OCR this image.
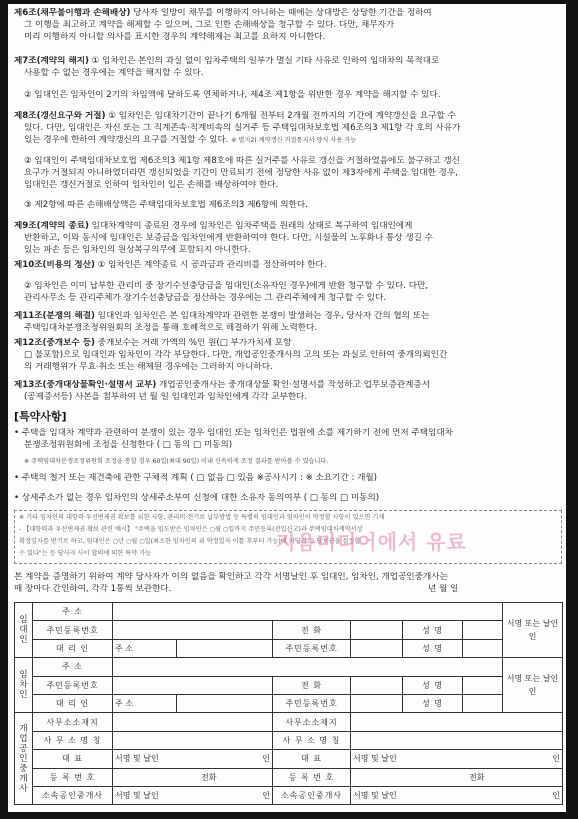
제6조(채무불이행과 손해배상) 당사자 일방이 채무를 이행하지 아니하는 때에는 상대방은 상당한 기간을 정하여
그 이행을 최고하고 계약을 해제할 수 있으며, 그로 인한 손해배상을 청구할 수 있다. 다만, 채무자가
미리 이행하지 아니할 의사를 표시한 경우의 계약해제는 최고를 요하지 아니한다.
제7조(계약의 해지) ① 임차인은 본인의 과실 없이 임차주택의 일부가 멸실 기타 사유로 인하여 임대차의 목적대로
사용할 수 없는 경우에는 계약을 해지할 수 있다.
② 임대인은 임차인이 2기의 차임액에 달하도록 연체하거나, 제4조 제1항을 위반한 경우 계약을 해지할 수 있다.
제8조(갱신요구와 거절) ① 임차인은 임대차기간이 끝나기 6개월 전부터 2개월 전까지의 기간에 계약갱신을 요구할 수
있다. 다만, 임대인은 자신 또는 그 직계존속·직계비속의 실거주 등 주택임대차보호법 제6조의3 제1항 각 호의 사유가
있는 경우에 한하여 계약갱신의 요구를 거절할 수 있다. ※ 별지2) 계약갱신 거절통지서 양식 사용 가능
② 임대인이 주택임대차보호법 제6조의3 제1항 제8호에 따른 실거주를 사유로 갱신을 거절하였음에도 불구하고 갱신
요구가 거절되지 아니하였더라면 갱신되었을 기간이 만료되기 전에 정당한 사유 없이 제3자에게 주택을 임대한 경우,
임대인은 갱신거절로 인하여 임차인이 입은 손해를 배상하여야 한다.
③ 제2항에 따른 손해배상액은 주택임대차보호법 제6조의3 제6항에 의한다.
제9조(계약의 종료) 임대차계약이 종료된 경우에 임차인은 임차주택을 원래의 상태로 복구하여 임대인에게
반환하고, 이와 동시에 임대인은 보증금을 임차인에게 반환하여야 한다. 다만, 시설물의 노후화나 통상 생길 수
있는 파손 등은 임차인의 원상복구의무에 포함되지 아니한다.
제10조(비용의 정산) ① 임차인은 계약종료 시 공과금과 관리비를 정산하여야 한다.
② 임차인은 이미 납부한 관리비 중 장기수선충당금을 임대인(소유자인 경우)에게 반환 청구할 수 있다. 다만,
관리사무소 등 관리주체가 장기수선충당금을 정산하는 경우에는 그 관리주체에게 청구할 수 있다.
제11조(분쟁의 해결) 임대인과 임차인은 본 임대차계약과 관련한 분쟁이 발생하는 경우, 당사자 간의 협의 또는
주택임대차분쟁조정위원회의 조정을 통해 호혜적으로 해결하기 위해 노력한다.
제12조(중개보수 등) 중개보수는 거래 가액의 %인 원(□ 부가가치세 포함
□ 불포함)으로 임대인과 임차인이 각각 부담한다. 다만, 개업공인중개사의 고의 또는 과실로 인하여 중개의뢰인간
의 거래행위가 무효·취소 또는 해제된 경우에는 그러하지 아니하다.
제13조(중개대상물확인·설명서 교부) 개업공인중개사는 중개대상물 확인·설명서를 작성하고 업무보증관계증서
(공제증서등) 사본을 첨부하여 년 월 일 임대인과 임차인에게 각각 교부한다.
[특약사항]
• 주택을 임대차 계약과 관련하여 분쟁이 있는 경우 임대인 또는 임차인은 법원에 소를 제기하기 전에 먼저 주택임대차
분쟁조정위원회에 조정을 신청한다 ( □ 동의 □ 미동의)
※ 주택임대차분쟁조정위원회 조정을 통할 경우 60일(최대 90일) 이내 신속하게 조정 결과를 받아볼 수 있습니다.
• 주택의 철거 또는 재건축에 관한 구체적 계획 ( □ 없음 □ 있음 ※공사시기 : ※ 소요기간 : 개월)
• 상세주소가 없는 경우 임차인의 상세주소부여 신청에 대한 소유자 동의여부 ( □ 동의 □ 미동의)
※ 기타 임차인의 대항력·우선변제권 확보를 위한 사항, 관리비·전기료 납부방법 등 특별히 임대인과 임차인이 약정할 사항이 있으면 기재
- 【대항력과 우선변제권 확보 관련 예시】 "주택을 임도받은 임차인은 ○월 ○일까지 주민등록(전입신고)과 주택임대차계약서상
확정일자를 받기로 하고, 임대인은 ○년 ○월 ○일(최소한 임차인의 위 약정일자 이틀 후부터 가능)에 저당권 등 담보권을 설정할
수 있다"는 등 당사자 사이 합의에 의한 특약 가능	지음미디어에서 유료
본 계약을 증명하기 위하여 계약 당사자가 이의 없음을 확인하고 각각 서명날인 후 임대인, 임차인, 개업공인중개사는
매 장마다 간인하여, 각각 1통씩 보관한다.	년 월 일
임대인	주 소							서명 또는 날인인
	주민등록번호			전 화		성 명		
	대 리 인	주 소		주민등록번호		성 명		
임차인	주 소							서명 또는 날인인
	주민등록번호			전 화		성 명		
	대 리 인	주 소		주민등록번호		성 명		
개업공인중개사	사무소소재지			사무소소재지				
	사 무 소 명 칭			사 무 소 명 칭				
	대 표	서명 및 날인 인		대 표	서명 및 날인 인			

	등 록 번 호	전화		등 록 번 호	전화			
	소속공인중개사	서명 및 날인 인		소속공인중개사	서명 및 날인 인			
